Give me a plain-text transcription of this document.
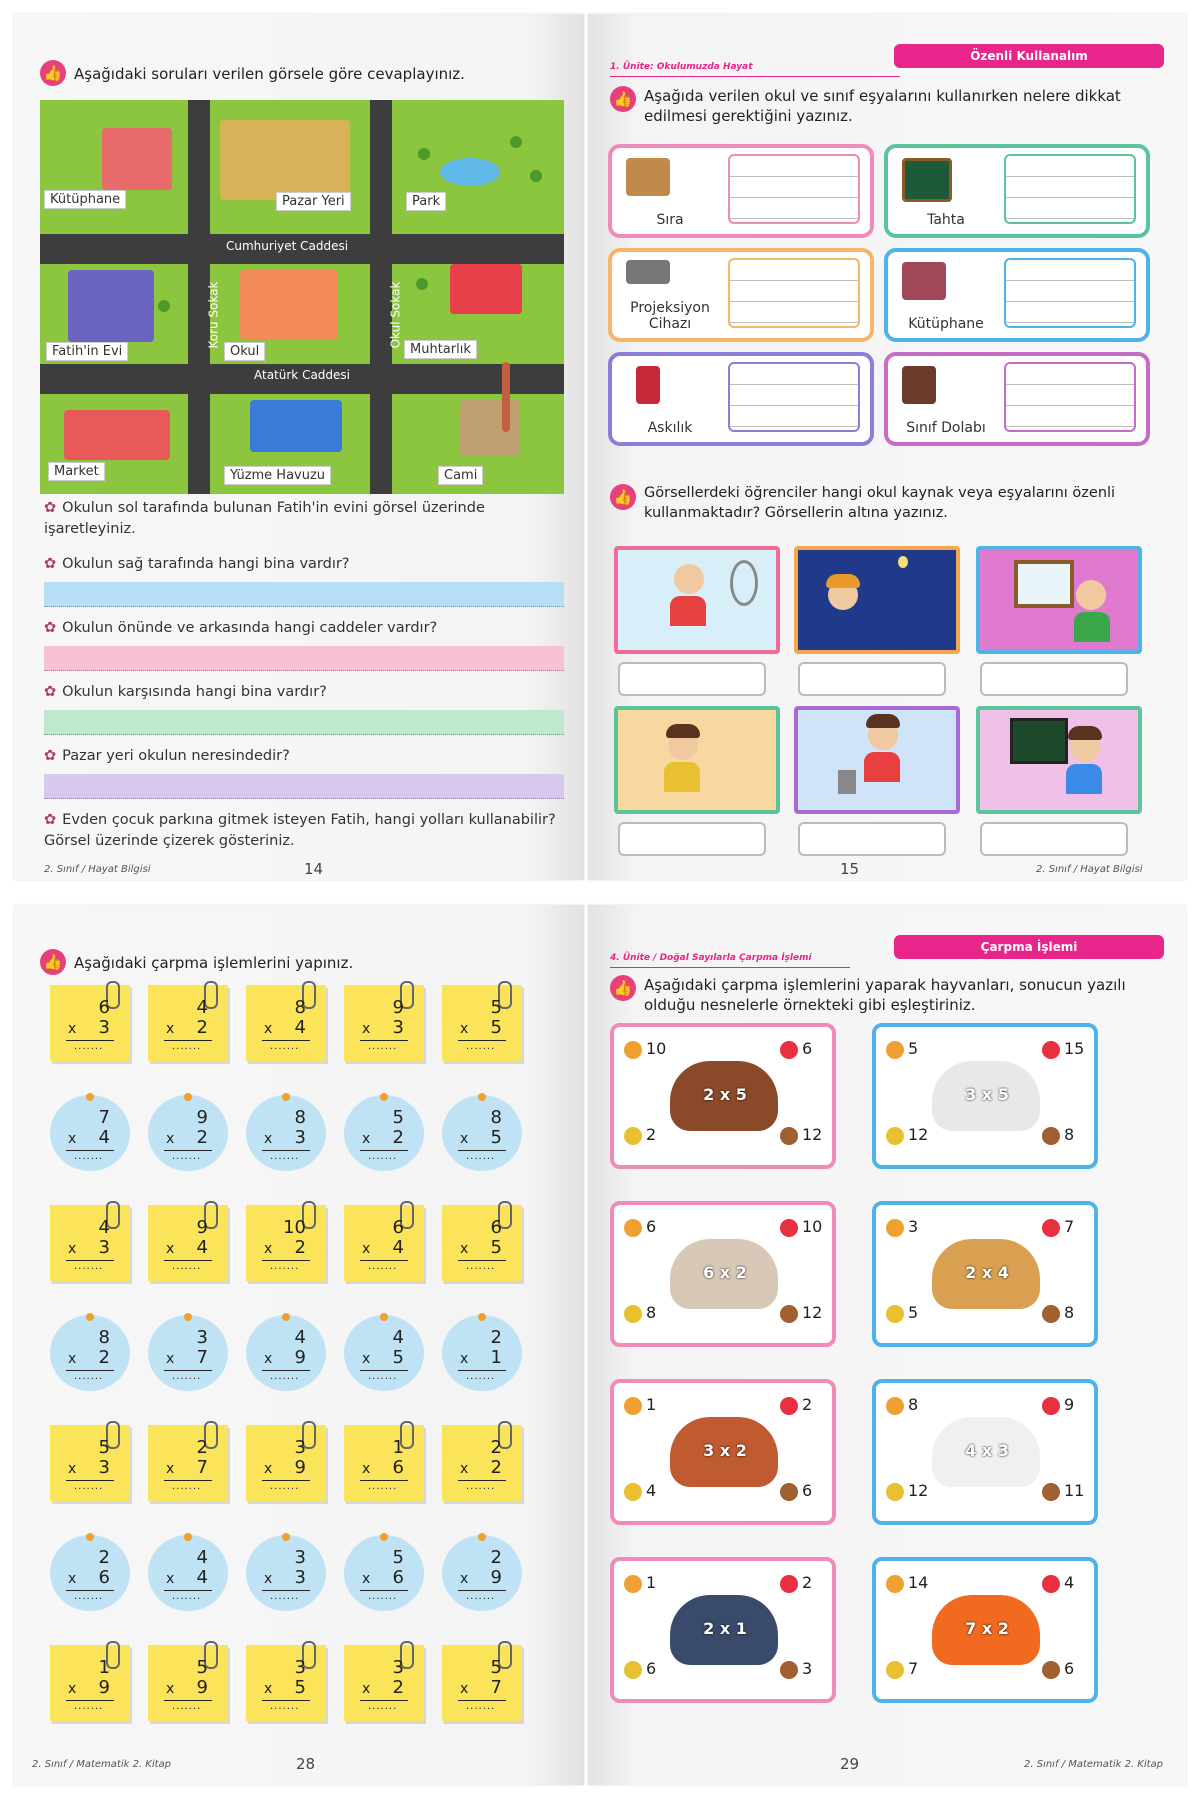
👍 Aşağıdaki soruları verilen görsele göre cevaplayınız.
Cumhuriyet Caddesi
Atatürk Caddesi
Koru Sokak	Okul Sokak
Kütüphane	Pazar Yeri	Park
Fatih'in Evi	Okul	Muhtarlık
Market	Yüzme Havuzu	Cami
✿ Okulun sol tarafında bulunan Fatih'in evini görsel üzerinde işaretleyiniz.
✿ Okulun sağ tarafında hangi bina vardır?
✿ Okulun önünde ve arkasında hangi caddeler vardır?
✿ Okulun karşısında hangi bina vardır?
✿ Pazar yeri okulun neresindedir?
✿ Evden çocuk parkına gitmek isteyen Fatih, hangi yolları kullanabilir? Görsel üzerinde çizerek gösteriniz.
2. Sınıf / Hayat Bilgisi	14
1. Ünite: Okulumuzda Hayat
Özenli Kullanalım
👍 Aşağıda verilen okul ve sınıf eşyalarını kullanırken nelere dikkat edilmesi gerektiğini yazınız.
Sıra	Tahta
Projeksiyon Cihazı	Kütüphane
Askılık	Sınıf Dolabı
👍 Görsellerdeki öğrenciler hangi okul kaynak veya eşyalarını özenli kullanmaktadır? Görsellerin altına yazınız.
15	2. Sınıf / Hayat Bilgisi
👍 Aşağıdaki çarpma işlemlerini yapınız.
6
3
x
.......
4
2
x
.......
8
4
x
.......
9
3
x
.......
5
5
x
.......
7
4
x
.......
9
2
x
.......
8
3
x
.......
5
2
x
.......
8
5
x
.......
4
3
x
.......
9
4
x
.......
10
2
x
.......
6
4
x
.......
6
5
x
.......
8
2
x
.......
3
7
x
.......
4
9
x
.......
4
5
x
.......
2
1
x
.......
5
3
x
.......
2
7
x
.......
3
9
x
.......
1
6
x
.......
2
2
x
.......
2
6
x
.......
4
4
x
.......
3
3
x
.......
5
6
x
.......
2
9
x
.......
1
9
x
.......
5
9
x
.......
3
5
x
.......
3
2
x
.......
5
7
x
.......
2. Sınıf / Matematik 2. Kitap	28
4. Ünite / Doğal Sayılarla Çarpma İşlemi
Çarpma İşlemi
👍 Aşağıdaki çarpma işlemlerini yaparak hayvanları, sonucun yazılı olduğu nesnelerle örnekteki gibi eşleştiriniz.
2 x 5
10	6
2	12
3 x 5
5	15
12	8
6 x 2
6	10
8	12
2 x 4
3	7
5	8
3 x 2
1	2
4	6
4 x 3
8	9
12	11
2 x 1
1	2
6	3
7 x 2
14	4
7	6
29	2. Sınıf / Matematik 2. Kitap
